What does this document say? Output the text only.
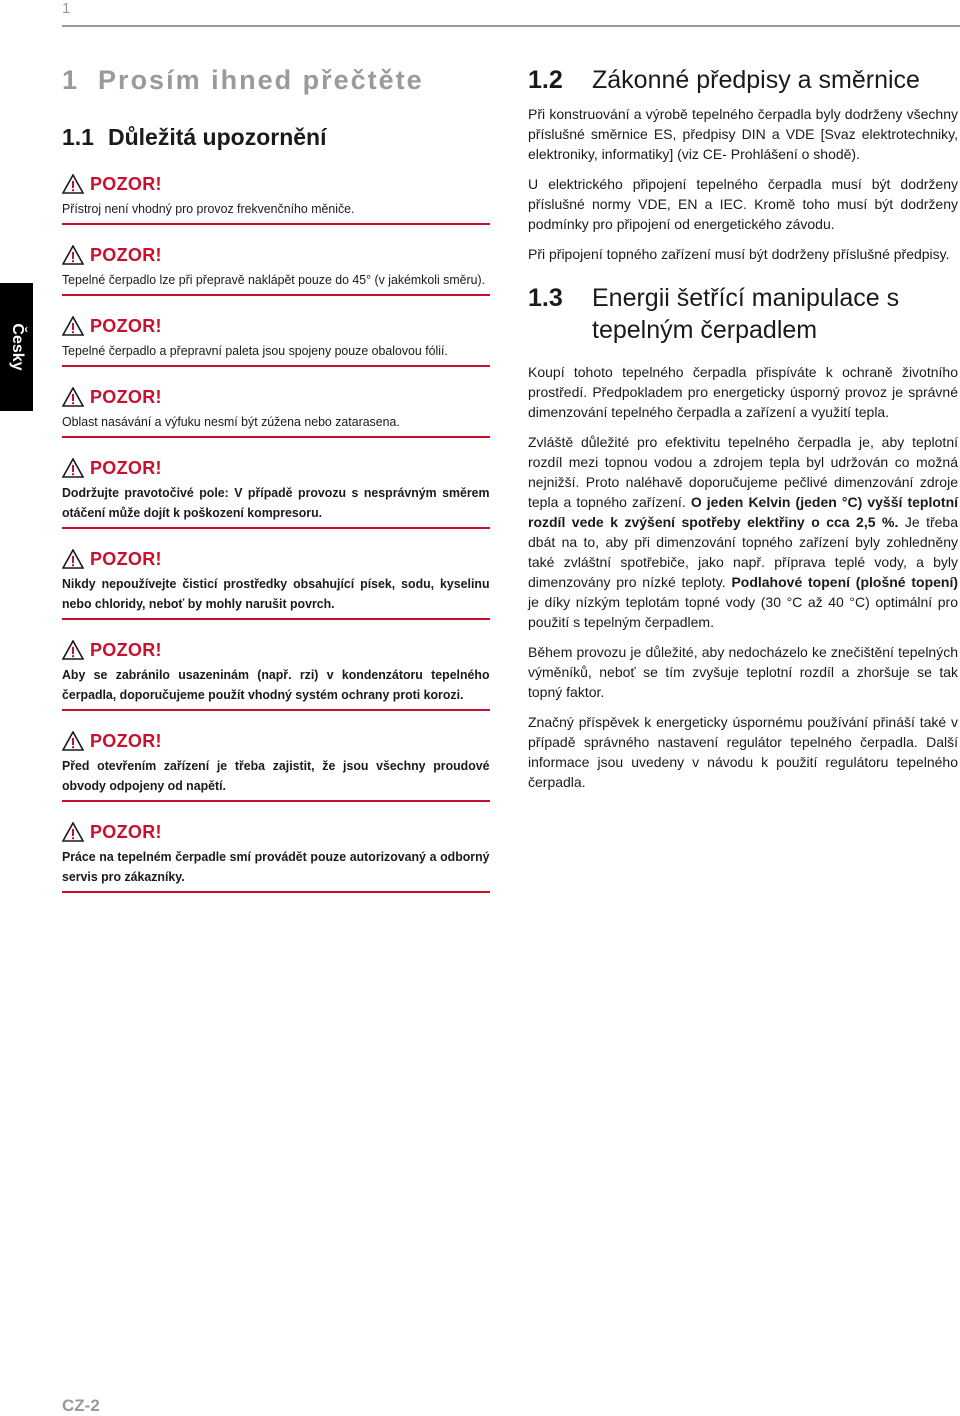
1
Česky
1 Prosím ihned přečtěte
1.1 Důležitá upozornění
POZOR!
Přístroj není vhodný pro provoz frekvenčního měniče.
POZOR!
Tepelné čerpadlo lze při přepravě naklápět pouze do 45° (v jakémkoli směru).
POZOR!
Tepelné čerpadlo a přepravní paleta jsou spojeny pouze obalovou fólií.
POZOR!
Oblast nasávání a výfuku nesmí být zúžena nebo zatarasena.
POZOR!
Dodržujte pravotočivé pole: V případě provozu s nesprávným směrem otáčení může dojít k poškození kompresoru.
POZOR!
Nikdy nepoužívejte čisticí prostředky obsahující písek, sodu, kyselinu nebo chloridy, neboť by mohly narušit povrch.
POZOR!
Aby se zabránilo usazeninám (např. rzi) v kondenzátoru tepelného čerpadla, doporučujeme použít vhodný systém ochrany proti korozi.
POZOR!
Před otevřením zařízení je třeba zajistit, že jsou všechny proudové obvody odpojeny od napětí.
POZOR!
Práce na tepelném čerpadle smí provádět pouze autorizovaný a odborný servis pro zákazníky.
1.2	Zákonné předpisy a směrnice

Při konstruování a výrobě tepelného čerpadla byly dodrženy všechny příslušné směrnice ES, předpisy DIN a VDE [Svaz elektrotechniky, elektroniky, informatiky] (viz CE- Prohlášení o shodě).

U elektrického připojení tepelného čerpadla musí být dodrženy příslušné normy VDE, EN a IEC. Kromě toho musí být dodrženy podmínky pro připojení od energetického závodu.

Při připojení topného zařízení musí být dodrženy příslušné předpisy.

1.3	Energii šetřící manipulace s
tepelným čerpadlem

Koupí tohoto tepelného čerpadla přispíváte k ochraně životního prostředí. Předpokladem pro energeticky úsporný provoz je správné dimenzování tepelného čerpadla a zařízení a využití tepla.

Zvláště důležité pro efektivitu tepelného čerpadla je, aby teplotní rozdíl mezi topnou vodou a zdrojem tepla byl udržován co možná nejnižší. Proto naléhavě doporučujeme pečlivé dimenzování zdroje tepla a topného zařízení. O jeden Kelvin (jeden °C) vyšší teplotní rozdíl vede k zvýšení spotřeby elektřiny o cca 2,5 %. Je třeba dbát na to, aby při dimenzování topného zařízení byly zohledněny také zvláštní spotřebiče, jako např. příprava teplé vody, a byly dimenzovány pro nízké teploty. Podlahové topení (plošné topení) je díky nízkým teplotám topné vody (30 °C až 40 °C) optimální pro použití s tepelným čerpadlem.

Během provozu je důležité, aby nedocházelo ke znečištění tepelných výměníků, neboť se tím zvyšuje teplotní rozdíl a zhoršuje se tak topný faktor.

Značný příspěvek k energeticky úspornému používání přináší také v případě správného nastavení regulátor tepelného čerpadla. Další informace jsou uvedeny v návodu k použití regulátoru tepelného čerpadla.

CZ-2
